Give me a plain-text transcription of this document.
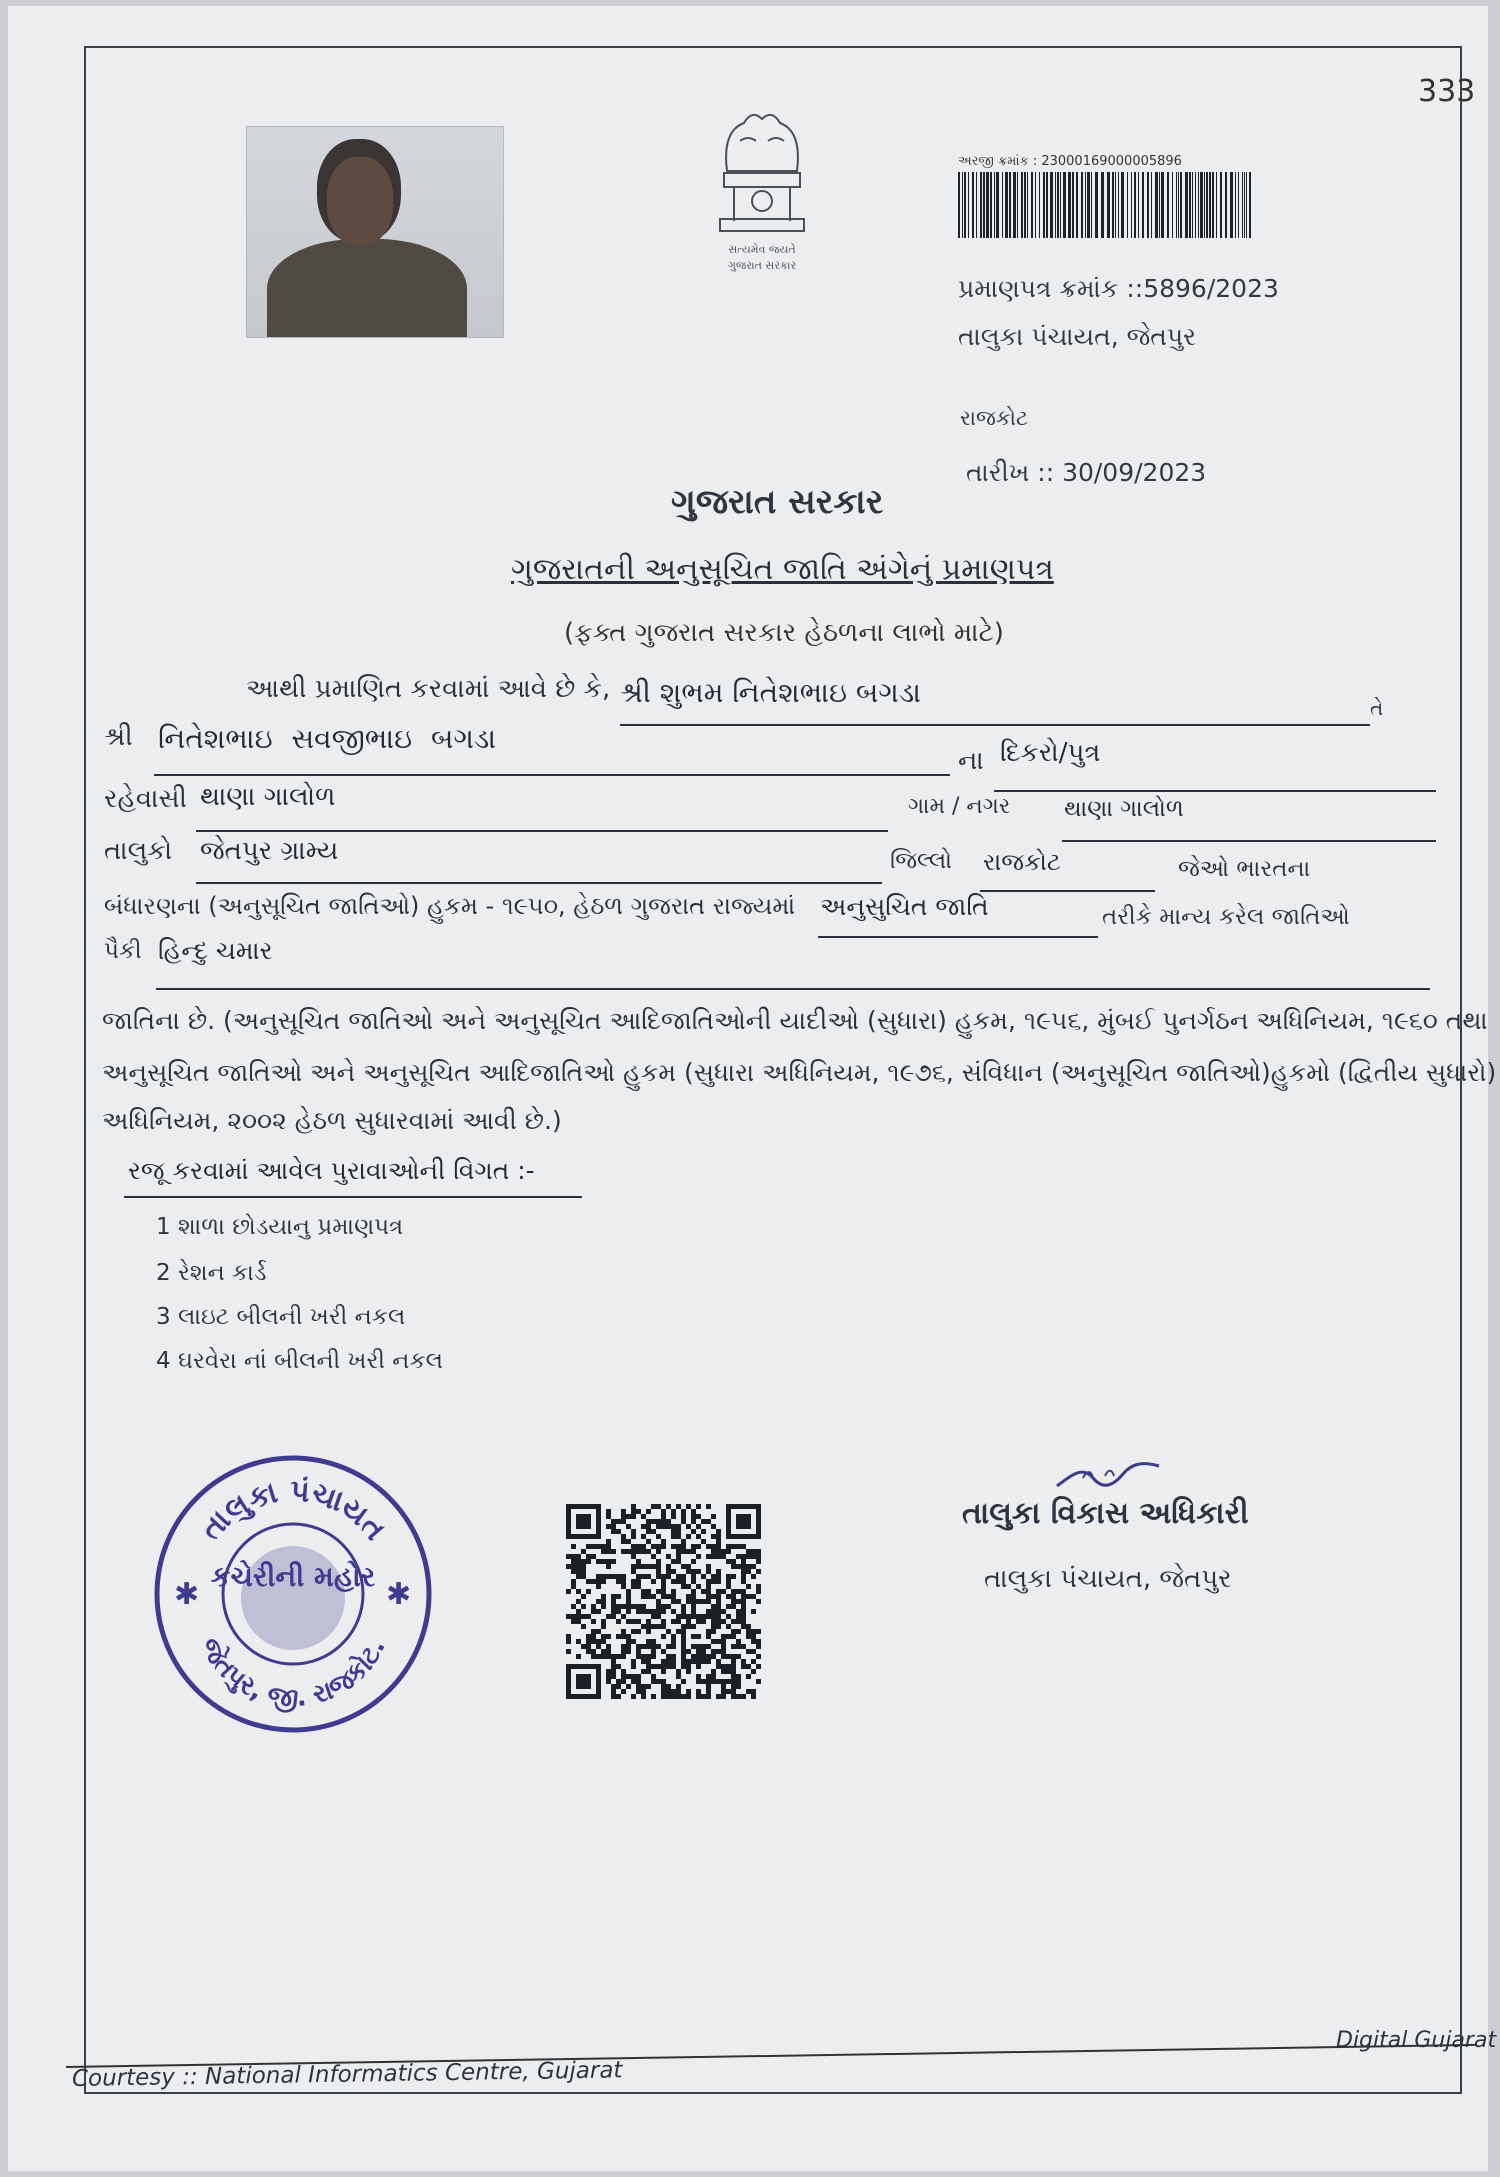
333
સત્યમેવ જયતે
ગુજરાત સરકાર
અરજી ક્રમાંક : 23000169000005896
પ્રમાણપત્ર ક્રમાંક ::5896/2023
તાલુકા પંચાયત, જેતપુર
રાજકોટ
તારીખ :: 30/09/2023
ગુજરાત સરકાર
ગુજરાતની અનુસૂચિત જાતિ અંગેનું પ્રમાણપત્ર
(ફક્ત ગુજરાત સરકાર હેઠળના લાભો માટે)
આથી પ્રમાણિત કરવામાં આવે છે કે, શ્રી શુભમ નિતેશભાઇ બગડા	તે
શ્રી નિતેશભાઇ સવજીભાઇ બગડા
ના દિકરો/પુત્ર
રહેવાસી થાણા ગાલોળ	ગામ / નગર થાણા ગાલોળ
તાલુકો જેતપુર ગ્રામ્ય	જિલ્લો રાજકોટ	જેઓ ભારતના
બંધારણના (અનુસૂચિત જાતિઓ) હુકમ - ૧૯૫૦, હેઠળ ગુજરાત રાજ્યમાં અનુસુચિત જાતિ	તરીકે માન્ય કરેલ જાતિઓ
પૈકી હિન્દુ ચમાર
જાતિના છે. (અનુસૂચિત જાતિઓ અને અનુસૂચિત આદિજાતિઓની યાદીઓ (સુધારા) હુકમ, ૧૯૫૬, મુંબઈ પુનર્ગઠન અધિનિયમ, ૧૯૬૦ તથા
અનુસૂચિત જાતિઓ અને અનુસૂચિત આદિજાતિઓ હુકમ (સુધારા અધિનિયમ, ૧૯૭૬, સંવિધાન (અનુસૂચિત જાતિઓ)હુકમો (દ્વિતીય સુધારો)
અધિનિયમ, ૨૦૦૨ હેઠળ સુધારવામાં આવી છે.)
રજૂ કરવામાં આવેલ પુરાવાઓની વિગત :-
1 શાળા છોડયાનુ પ્રમાણપત્ર
2 રેશન કાર્ડ
3 લાઇટ બીલની ખરી નકલ
4 ઘરવેરા નાં બીલની ખરી નકલ
તાલુકા પંચાયત
કચેરીની મહોર
જેતપુર, જી. રાજકોટ.
✱	✱
તાલુકા વિકાસ અધિકારી
તાલુકા પંચાયત, જેતપુર
Digital Gujarat
Courtesy :: National Informatics Centre, Gujarat
